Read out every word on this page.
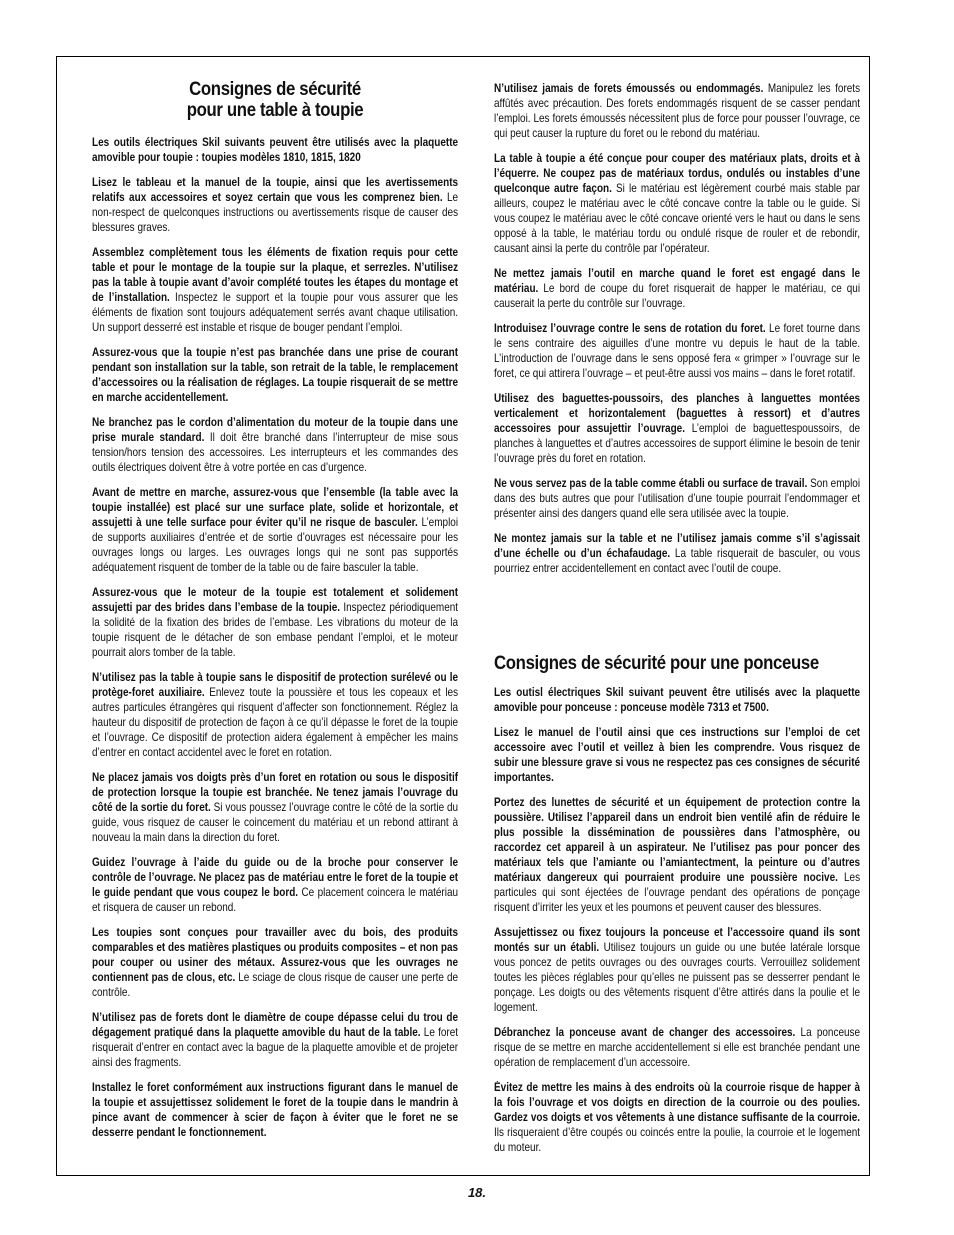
Consignes de sécurité
pour une table à toupie

Les outils électriques Skil suivants peuvent être utilisés avec la plaquette amovible pour toupie : toupies modèles 1810, 1815, 1820

Lisez le tableau et la manuel de la toupie, ainsi que les avertissements relatifs aux accessoires et soyez certain que vous les comprenez bien. Le non-respect de quelconques instructions ou avertissements risque de causer des blessures graves.

Assemblez complètement tous les éléments de fixation requis pour cette table et pour le montage de la toupie sur la plaque, et serrezles. N’utilisez pas la table à toupie avant d’avoir complété toutes les étapes du montage et de l’installation. Inspectez le support et la toupie pour vous assurer que les éléments de fixation sont toujours adéquatement serrés avant chaque utilisation. Un support desserré est instable et risque de bouger pendant l’emploi.

Assurez-vous que la toupie n’est pas branchée dans une prise de courant pendant son installation sur la table, son retrait de la table, le remplacement d’accessoires ou la réalisation de réglages. La toupie risquerait de se mettre en marche accidentellement.

Ne branchez pas le cordon d’alimentation du moteur de la toupie dans une prise murale standard. Il doit être branché dans l’interrupteur de mise sous tension/hors tension des accessoires. Les interrupteurs et les commandes des outils électriques doivent être à votre portée en cas d’urgence.

Avant de mettre en marche, assurez-vous que l’ensemble (la table avec la toupie installée) est placé sur une surface plate, solide et horizontale, et assujetti à une telle surface pour éviter qu’il ne risque de basculer. L’emploi de supports auxiliaires d’entrée et de sortie d’ouvrages est nécessaire pour les ouvrages longs ou larges. Les ouvrages longs qui ne sont pas supportés adéquatement risquent de tomber de la table ou de faire basculer la table.

Assurez-vous que le moteur de la toupie est totalement et solidement assujetti par des brides dans l’embase de la toupie. Inspectez périodiquement la solidité de la fixation des brides de l’embase. Les vibrations du moteur de la toupie risquent de le détacher de son embase pendant l’emploi, et le moteur pourrait alors tomber de la table.

N’utilisez pas la table à toupie sans le dispositif de protection surélevé ou le protège-foret auxiliaire. Enlevez toute la poussière et tous les copeaux et les autres particules étrangères qui risquent d’affecter son fonctionnement. Réglez la hauteur du dispositif de protection de façon à ce qu’il dépasse le foret de la toupie et l’ouvrage. Ce dispositif de protection aidera également à empêcher les mains d’entrer en contact accidentel avec le foret en rotation.

Ne placez jamais vos doigts près d’un foret en rotation ou sous le dispositif de protection lorsque la toupie est branchée. Ne tenez jamais l’ouvrage du côté de la sortie du foret. Si vous poussez l’ouvrage contre le côté de la sortie du guide, vous risquez de causer le coincement du matériau et un rebond attirant à nouveau la main dans la direction du foret.

Guidez l’ouvrage à l’aide du guide ou de la broche pour conserver le contrôle de l’ouvrage. Ne placez pas de matériau entre le foret de la toupie et le guide pendant que vous coupez le bord. Ce placement coincera le matériau et risquera de causer un rebond.

Les toupies sont conçues pour travailler avec du bois, des produits comparables et des matières plastiques ou produits composites – et non pas pour couper ou usiner des métaux. Assurez-vous que les ouvrages ne contiennent pas de clous, etc. Le sciage de clous risque de causer une perte de contrôle.

N’utilisez pas de forets dont le diamètre de coupe dépasse celui du trou de dégagement pratiqué dans la plaquette amovible du haut de la table. Le foret risquerait d’entrer en contact avec la bague de la plaquette amovible et de projeter ainsi des fragments.

Installez le foret conformément aux instructions figurant dans le manuel de la toupie et assujettissez solidement le foret de la toupie dans le mandrin à pince avant de commencer à scier de façon à éviter que le foret ne se desserre pendant le fonctionnement.

N’utilisez jamais de forets émoussés ou endommagés. Manipulez les forets affûtés avec précaution. Des forets endommagés risquent de se casser pendant l’emploi. Les forets émoussés nécessitent plus de force pour pousser l’ouvrage, ce qui peut causer la rupture du foret ou le rebond du matériau.

La table à toupie a été conçue pour couper des matériaux plats, droits et à l’équerre. Ne coupez pas de matériaux tordus, ondulés ou instables d’une quelconque autre façon. Si le matériau est légèrement courbé mais stable par ailleurs, coupez le matériau avec le côté concave contre la table ou le guide. Si vous coupez le matériau avec le côté concave orienté vers le haut ou dans le sens opposé à la table, le matériau tordu ou ondulé risque de rouler et de rebondir, causant ainsi la perte du contrôle par l’opérateur.

Ne mettez jamais l’outil en marche quand le foret est engagé dans le matériau. Le bord de coupe du foret risquerait de happer le matériau, ce qui causerait la perte du contrôle sur l’ouvrage.

Introduisez l’ouvrage contre le sens de rotation du foret. Le foret tourne dans le sens contraire des aiguilles d’une montre vu depuis le haut de la table. L’introduction de l’ouvrage dans le sens opposé fera « grimper » l’ouvrage sur le foret, ce qui attirera l’ouvrage – et peut-être aussi vos mains – dans le foret rotatif.

Utilisez des baguettes-poussoirs, des planches à languettes montées verticalement et horizontalement (baguettes à ressort) et d’autres accessoires pour assujettir l’ouvrage. L’emploi de baguettespoussoirs, de planches à languettes et d’autres accessoires de support élimine le besoin de tenir l’ouvrage près du foret en rotation.

Ne vous servez pas de la table comme établi ou surface de travail. Son emploi dans des buts autres que pour l’utilisation d’une toupie pourrait l’endommager et présenter ainsi des dangers quand elle sera utilisée avec la toupie.

Ne montez jamais sur la table et ne l’utilisez jamais comme s’il s’agissait d’une échelle ou d’un échafaudage. La table risquerait de basculer, ou vous pourriez entrer accidentellement en contact avec l’outil de coupe.

Consignes de sécurité pour une ponceuse

Les outisl électriques Skil suivant peuvent être utilisés avec la plaquette amovible pour ponceuse : ponceuse modèle 7313 et 7500.

Lisez le manuel de l’outil ainsi que ces instructions sur l’emploi de cet accessoire avec l’outil et veillez à bien les comprendre. Vous risquez de subir une blessure grave si vous ne respectez pas ces consignes de sécurité importantes.

Portez des lunettes de sécurité et un équipement de protection contre la poussière. Utilisez l’appareil dans un endroit bien ventilé afin de réduire le plus possible la dissémination de poussières dans l’atmosphère, ou raccordez cet appareil à un aspirateur. Ne l’utilisez pas pour poncer des matériaux tels que l’amiante ou l’amiantectment, la peinture ou d’autres matériaux dangereux qui pourraient produire une poussière nocive. Les particules qui sont éjectées de l’ouvrage pendant des opérations de ponçage risquent d’irriter les yeux et les poumons et peuvent causer des blessures.

Assujettissez ou fixez toujours la ponceuse et l’accessoire quand ils sont montés sur un établi. Utilisez toujours un guide ou une butée latérale lorsque vous poncez de petits ouvrages ou des ouvrages courts. Verrouillez solidement toutes les pièces réglables pour qu’elles ne puissent pas se desserrer pendant le ponçage. Les doigts ou des vêtements risquent d’être attirés dans la poulie et le logement.

Débranchez la ponceuse avant de changer des accessoires. La ponceuse risque de se mettre en marche accidentellement si elle est branchée pendant une opération de remplacement d’un accessoire.

Évitez de mettre les mains à des endroits où la courroie risque de happer à la fois l’ouvrage et vos doigts en direction de la courroie ou des poulies. Gardez vos doigts et vos vêtements à une distance suffisante de la courroie. Ils risqueraient d’être coupés ou coincés entre la poulie, la courroie et le logement du moteur.

18.
